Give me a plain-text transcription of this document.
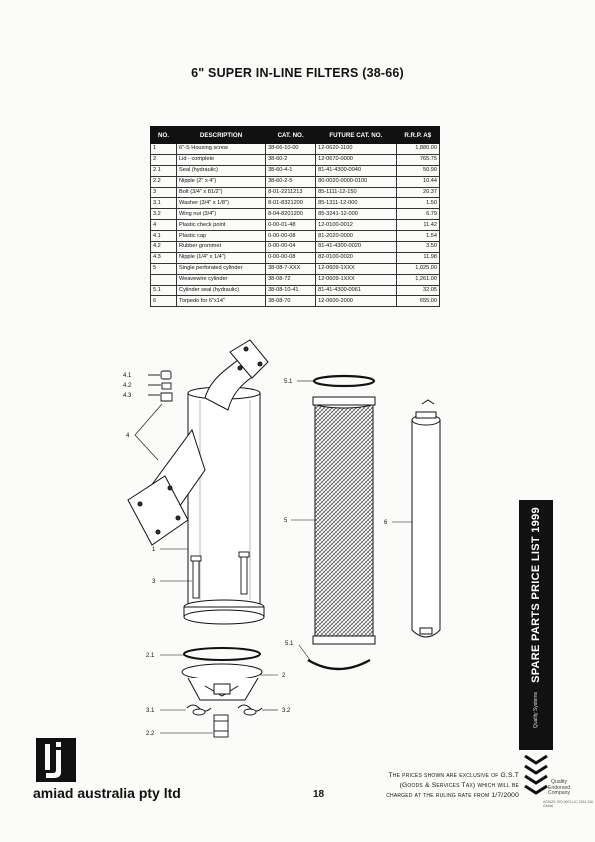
6" SUPER IN-LINE FILTERS (38-66)
NO.	DESCRIPTION	CAT. NO.	FUTURE CAT. NO.	R.R.P. A$
1	6"-S Housing screw	38-66-10-00	12-0620-1100	1,880.00
2	Lid - complete	38-60-2	12-0670-0000	765.75
2.1	Seal (hydraulic)	38-60-4-1	81-41-4300-0040	50.90
2.2	Nipple (2" x 4")	38-60-2-5	80-0020-0000-0100	10.44
3	Bolt (3/4" x 81/2")	8-01-2211213	85-1111-12-150	20.37
3.1	Washer (3/4" x 1/8")	8-01-8321200	85-1311-12-000	1.50
3.2	Wing nut (3/4")	8-04-8201200	85-3241-12-000	6.79
4	Plastic check point	0-00-01-48	12-0100-0012	11.42
4.1	Plastic cap	0-00-00-08	81-2020-0000	1.54
4.2	Rubber grommet	0-00-00-04	81-41-4300-0020	3.50
4.3	Nipple (1/4" x 1/4")	0-00-00-08	82-0100-0020	11.98
5	Single perforated cylinder	38-08-7-XXX	12-0609-1XXX	1,025.00
	Weavewire cylinder	38-08-72	12-0609-1XXX	1,261.00
5.1	Cylinder seal (hydraulic)	38-08-10-41	81-41-4300-0061	32.05
6	Torpedo for 6"x14"	38-08-70	12-0600-2000	655.00
4.1
4.2
4.3
4
1
3
5.1
5	6
5.1
2.1
2
3.1	3.2
2.2
SPARE PARTS PRICE LIST 1999
Quality Systems
amiad australia pty ltd	18
The prices shown are exclusive of G.S.T
(Goods & Services Tax) which will be
charged at the ruling rate from 1/7/2000
Quality Endorsed Company
AS/NZS ISO 9001 LIC 2041 SAI Global
